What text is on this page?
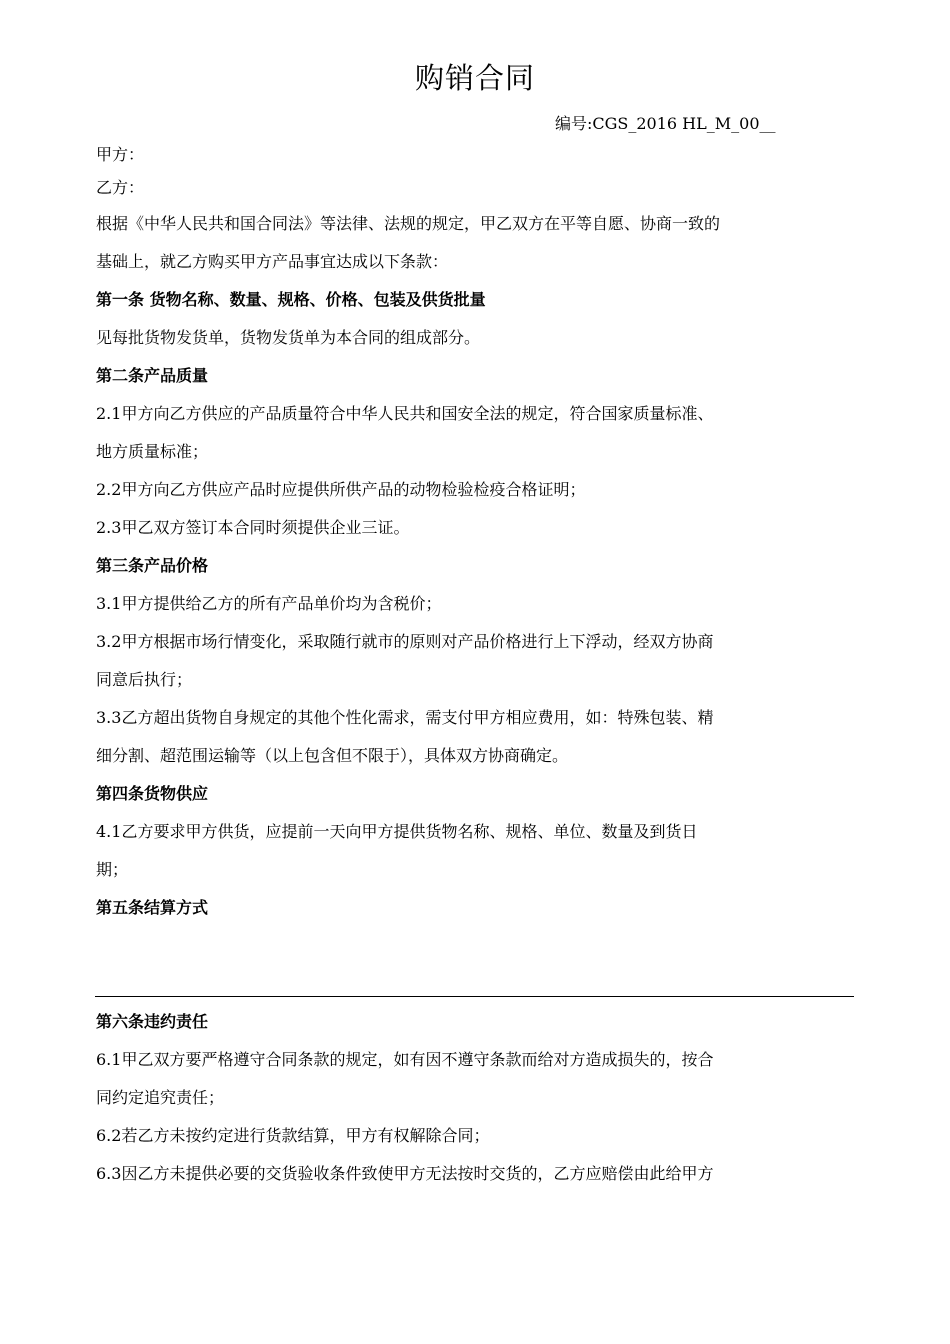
购销合同
编号:CGS_2016 HL_M_00__
甲方：
乙方：
根据《中华人民共和国合同法》等法律、法规的规定，甲乙双方在平等自愿、协商一致的
基础上，就乙方购买甲方产品事宜达成以下条款：
第一条 货物名称、数量、规格、价格、包装及供货批量
见每批货物发货单，货物发货单为本合同的组成部分。
第二条产品质量
2.1甲方向乙方供应的产品质量符合中华人民共和国安全法的规定，符合国家质量标准、
地方质量标准；
2.2甲方向乙方供应产品时应提供所供产品的动物检验检疫合格证明；
2.3甲乙双方签订本合同时须提供企业三证。
第三条产品价格
3.1甲方提供给乙方的所有产品单价均为含税价；
3.2甲方根据市场行情变化，采取随行就市的原则对产品价格进行上下浮动，经双方协商
同意后执行；
3.3乙方超出货物自身规定的其他个性化需求，需支付甲方相应费用，如：特殊包装、精
细分割、超范围运输等（以上包含但不限于），具体双方协商确定。
第四条货物供应
4.1乙方要求甲方供货，应提前一天向甲方提供货物名称、规格、单位、数量及到货日
期；
第五条结算方式
第六条违约责任
6.1甲乙双方要严格遵守合同条款的规定，如有因不遵守条款而给对方造成损失的，按合
同约定追究责任；
6.2若乙方未按约定进行货款结算，甲方有权解除合同；
6.3因乙方未提供必要的交货验收条件致使甲方无法按时交货的，乙方应赔偿由此给甲方
